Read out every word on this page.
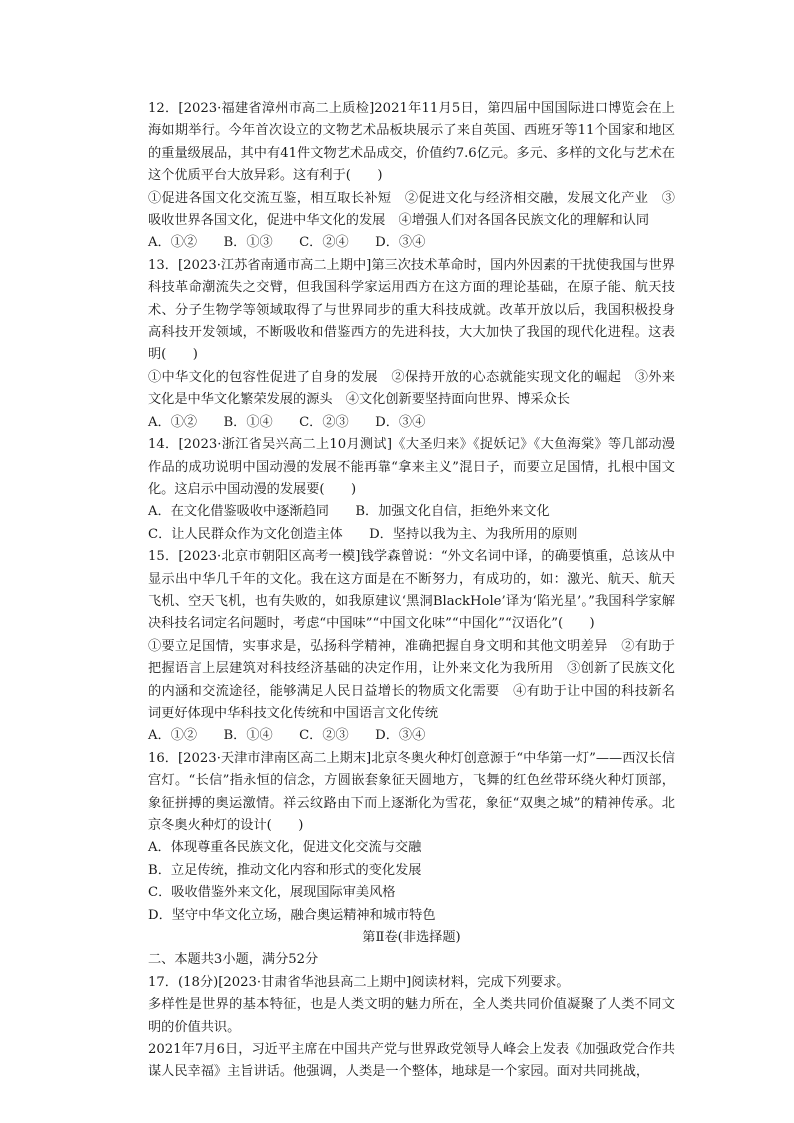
12．[2023·福建省漳州市高二上质检]2021年11月5日，第四届中国国际进口博览会在上海如期举行。今年首次设立的文物艺术品板块展示了来自英国、西班牙等11个国家和地区的重量级展品，其中有41件文物艺术品成交，价值约7.6亿元。多元、多样的文化与艺术在这个优质平台大放异彩。这有利于(　　)

①促进各国文化交流互鉴，相互取长补短　②促进文化与经济相交融，发展文化产业　③吸收世界各国文化，促进中华文化的发展　④增强人们对各国各民族文化的理解和认同

A．①②　　B．①③　　C．②④　　D．③④

13．[2023·江苏省南通市高二上期中]第三次技术革命时，国内外因素的干扰使我国与世界科技革命潮流失之交臂，但我国科学家运用西方在这方面的理论基础，在原子能、航天技术、分子生物学等领域取得了与世界同步的重大科技成就。改革开放以后，我国积极投身高科技开发领域，不断吸收和借鉴西方的先进科技，大大加快了我国的现代化进程。这表明(　　)

①中华文化的包容性促进了自身的发展　②保持开放的心态就能实现文化的崛起　③外来文化是中华文化繁荣发展的源头　④文化创新要坚持面向世界、博采众长

A．①②　　B．①④　　C．②③　　D．③④

14．[2023·浙江省吴兴高二上10月测试]《大圣归来》《捉妖记》《大鱼海棠》等几部动漫作品的成功说明中国动漫的发展不能再靠“拿来主义”混日子，而要立足国情，扎根中国文化。这启示中国动漫的发展要(　　)

A．在文化借鉴吸收中逐渐趋同　　B．加强文化自信，拒绝外来文化

C．让人民群众作为文化创造主体　　D．坚持以我为主、为我所用的原则

15．[2023·北京市朝阳区高考一模]钱学森曾说：“外文名词中译，的确要慎重，总该从中显示出中华几千年的文化。我在这方面是在不断努力，有成功的，如：激光、航天、航天飞机、空天飞机，也有失败的，如我原建议‘黑洞BlackHole’译为‘陷光星’。”我国科学家解决科技名词定名问题时，考虑“中国味”“中国文化味”“中国化”“汉语化”(　　)

①要立足国情，实事求是，弘扬科学精神，准确把握自身文明和其他文明差异　②有助于把握语言上层建筑对科技经济基础的决定作用，让外来文化为我所用　③创新了民族文化的内涵和交流途径，能够满足人民日益增长的物质文化需要　④有助于让中国的科技新名词更好体现中华科技文化传统和中国语言文化传统

A．①②　　B．①④　　C．②③　　D．③④

16．[2023·天津市津南区高二上期末]北京冬奥火种灯创意源于“中华第一灯”——西汉长信宫灯。“长信”指永恒的信念，方圆嵌套象征天圆地方，飞舞的红色丝带环绕火种灯顶部，象征拼搏的奥运激情。祥云纹路由下而上逐渐化为雪花，象征“双奥之城”的精神传承。北京冬奥火种灯的设计(　　)

A．体现尊重各民族文化，促进文化交流与交融

B．立足传统，推动文化内容和形式的变化发展

C．吸收借鉴外来文化，展现国际审美风格

D．坚守中华文化立场，融合奥运精神和城市特色

第Ⅱ卷(非选择题)

二、本题共3小题，满分52分

17．(18分)[2023·甘肃省华池县高二上期中]阅读材料，完成下列要求。

多样性是世界的基本特征，也是人类文明的魅力所在，全人类共同价值凝聚了人类不同文明的价值共识。

2021年7月6日，习近平主席在中国共产党与世界政党领导人峰会上发表《加强政党合作共谋人民幸福》主旨讲话。他强调，人类是一个整体，地球是一个家园。面对共同挑战，
